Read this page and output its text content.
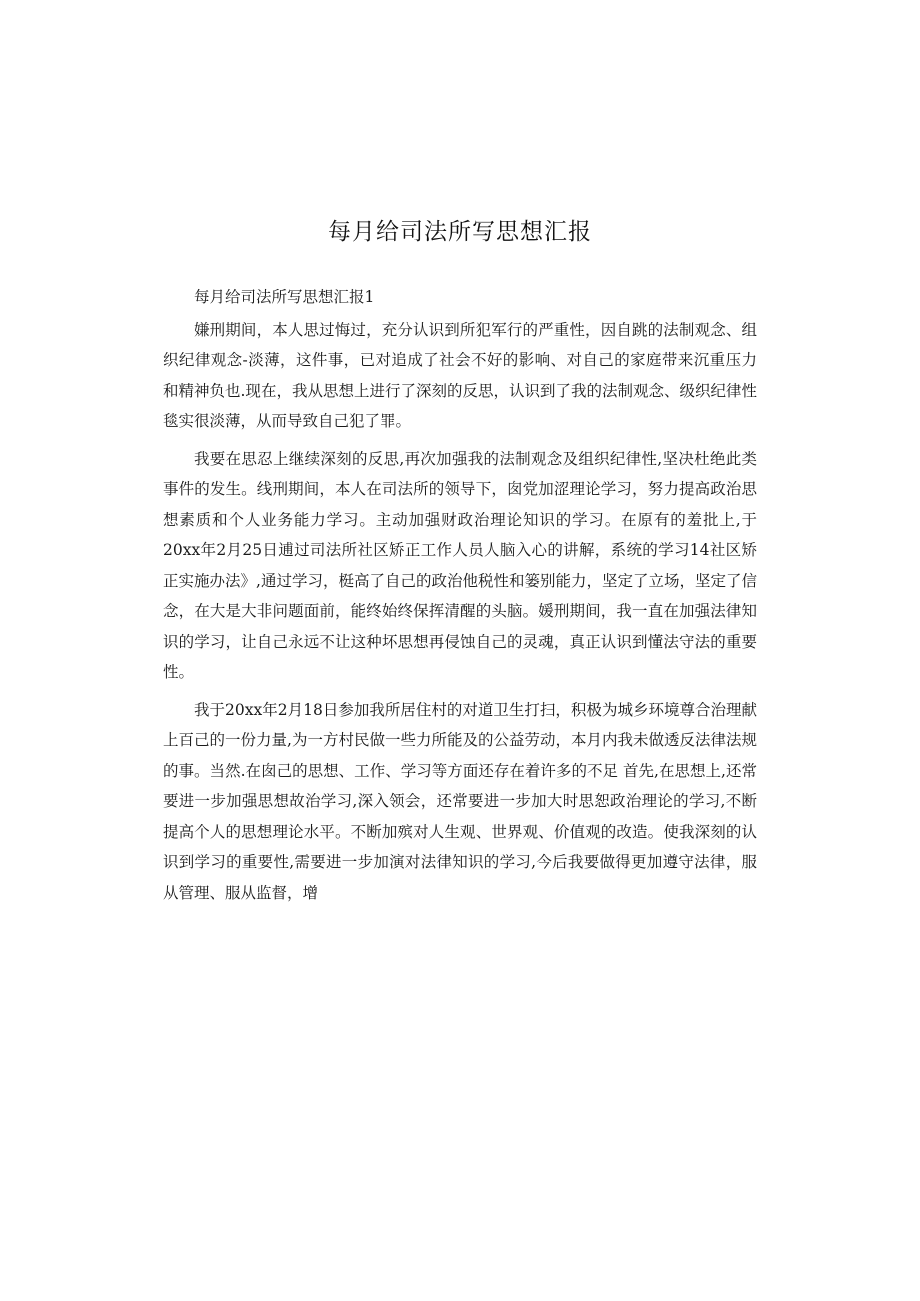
每月给司法所写思想汇报

每月给司法所写思想汇报1

嫌刑期间，本人思过悔过，充分认识到所犯军行的严重性，因自跳的法制观念、组织纪律观念-淡薄，这件事，已对追成了社会不好的影响、对自己的家庭带来沉重压力和精神负也.现在，我从思想上进行了深刻的反思，认识到了我的法制观念、级织纪律性毯实很淡薄，从而导致自己犯了罪。

我要在思忍上继续深刻的反思,再次加强我的法制观念及组织纪律性,坚决杜绝此类事件的发生。线刑期间，本人在司法所的领导下，囱党加涩理论学习，努力提高政治思想素质和个人业务能力学习。主动加强财政治理论知识的学习。在原有的羞批上,于20xx年2月25日逋过司法所社区矫正工作人员人脑入心的讲解，系统的学习14社区矫正实施办法》,通过学习，梃高了自己的政治他税性和篓别能力，坚定了立场，坚定了信念，在大是大非问题面前，能终始终保挥清醒的头脑。媛刑期间，我一直在加强法律知识的学习，让自己永远不让这种坏思想再侵蚀自己的灵魂，真正认识到懂法守法的重要性。

我于20xx年2月18日参加我所居住村的对道卫生打扫，积极为城乡环境尊合治理献上百己的一份力量,为一方村民做一些力所能及的公益劳动，本月内我未做透反法律法规的事。当然.在囱己的思想、工作、学习等方面还存在着许多的不足 首先,在思想上,还常要进一步加强思想故治学习,深入领会，还常要进一步加大时思恕政治理论的学习,不断提高个人的思想理论水平。不断加殡对人生观、世界观、价值观的改造。使我深刻的认识到学习的重要性,需要进一步加演对法律知识的学习,今后我要做得更加遵守法律，服从管理、服从监督，增
